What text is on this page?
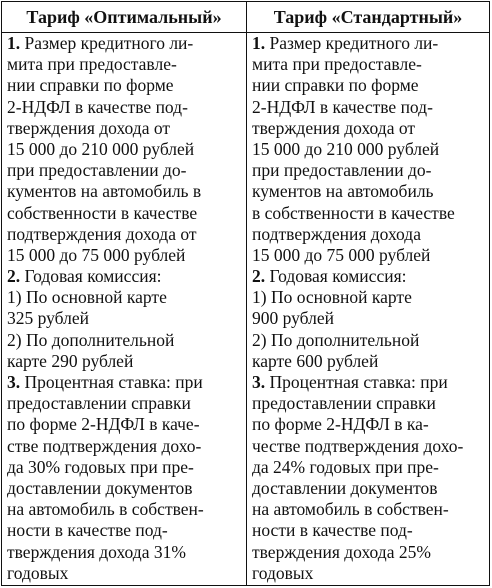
Тариф «Оптимальный»	Тариф «Стандартный»
1. Размер кредитного ли-
мита при предоставле-
нии справки по форме
2-НДФЛ в качестве под-
тверждения дохода от
15 000 до 210 000 рублей
при предоставлении до-
кументов на автомобиль в
собственности в качестве
подтверждения дохода от
15 000 до 75 000 рублей
2. Годовая комиссия:
1) По основной карте
325 рублей
2) По дополнительной
карте 290 рублей
3. Процентная ставка: при
предоставлении справки
по форме 2-НДФЛ в каче-
стве подтверждения дохо-
да 30% годовых при пре-
доставлении документов
на автомобиль в собствен-
ности в качестве под-
тверждения дохода 31%
годовых
1. Размер кредитного ли-
мита при предоставле-
нии справки по форме
2-НДФЛ в качестве под-
тверждения дохода от
15 000 до 210 000 рублей
при предоставлении до-
кументов на автомобиль
в собственности в качестве
подтверждения дохода
15 000 до 75 000 рублей
2. Годовая комиссия:
1) По основной карте
900 рублей
2) По дополнительной
карте 600 рублей
3. Процентная ставка: при
предоставлении справки
по форме 2-НДФЛ в ка-
честве подтверждения дохо-
да 24% годовых при пре-
доставлении документов
на автомобиль в собствен-
ности в качестве под-
тверждения дохода 25%
годовых
